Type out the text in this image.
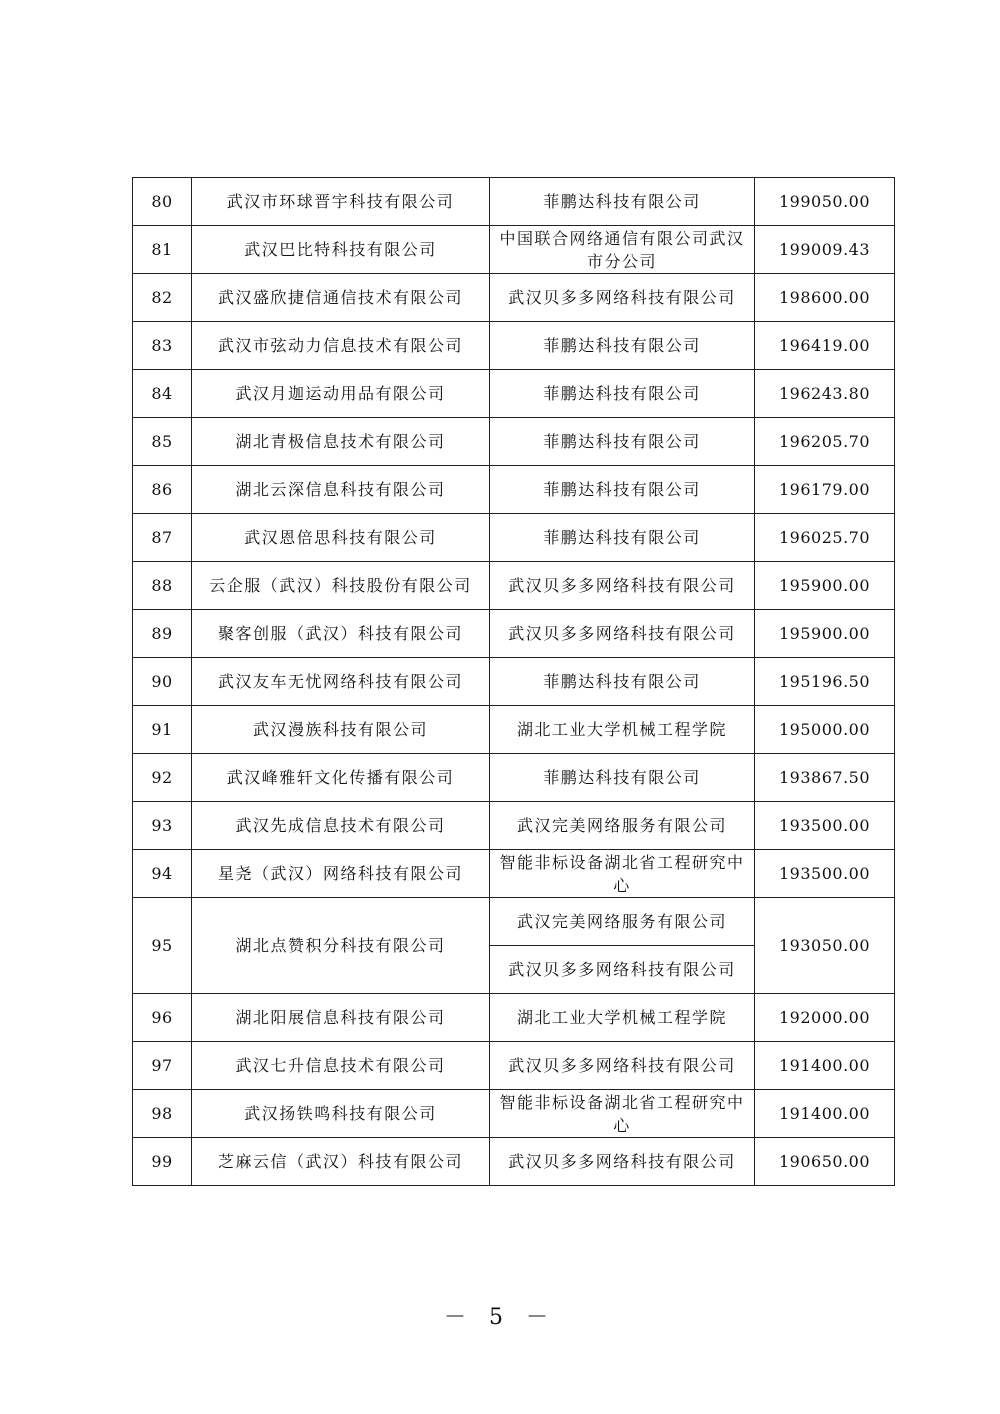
80	武汉市环球晋宇科技有限公司	菲鹏达科技有限公司	199050.00
81	武汉巴比特科技有限公司	中国联合网络通信有限公司武汉市分公司	199009.43
82	武汉盛欣捷信通信技术有限公司	武汉贝多多网络科技有限公司	198600.00
83	武汉市弦动力信息技术有限公司	菲鹏达科技有限公司	196419.00
84	武汉月迦运动用品有限公司	菲鹏达科技有限公司	196243.80
85	湖北青极信息技术有限公司	菲鹏达科技有限公司	196205.70
86	湖北云深信息科技有限公司	菲鹏达科技有限公司	196179.00
87	武汉恩倍思科技有限公司	菲鹏达科技有限公司	196025.70
88	云企服（武汉）科技股份有限公司	武汉贝多多网络科技有限公司	195900.00
89	聚客创服（武汉）科技有限公司	武汉贝多多网络科技有限公司	195900.00
90	武汉友车无忧网络科技有限公司	菲鹏达科技有限公司	195196.50
91	武汉漫族科技有限公司	湖北工业大学机械工程学院	195000.00
92	武汉峰雅轩文化传播有限公司	菲鹏达科技有限公司	193867.50
93	武汉先成信息技术有限公司	武汉完美网络服务有限公司	193500.00
94	星尧（武汉）网络科技有限公司	智能非标设备湖北省工程研究中心	193500.00
95	湖北点赞积分科技有限公司	武汉完美网络服务有限公司	193050.00
		武汉贝多多网络科技有限公司	
96	湖北阳展信息科技有限公司	湖北工业大学机械工程学院	192000.00
97	武汉七升信息技术有限公司	武汉贝多多网络科技有限公司	191400.00
98	武汉扬铁鸣科技有限公司	智能非标设备湖北省工程研究中心	191400.00
99	芝麻云信（武汉）科技有限公司	武汉贝多多网络科技有限公司	190650.00
－ 5 －
